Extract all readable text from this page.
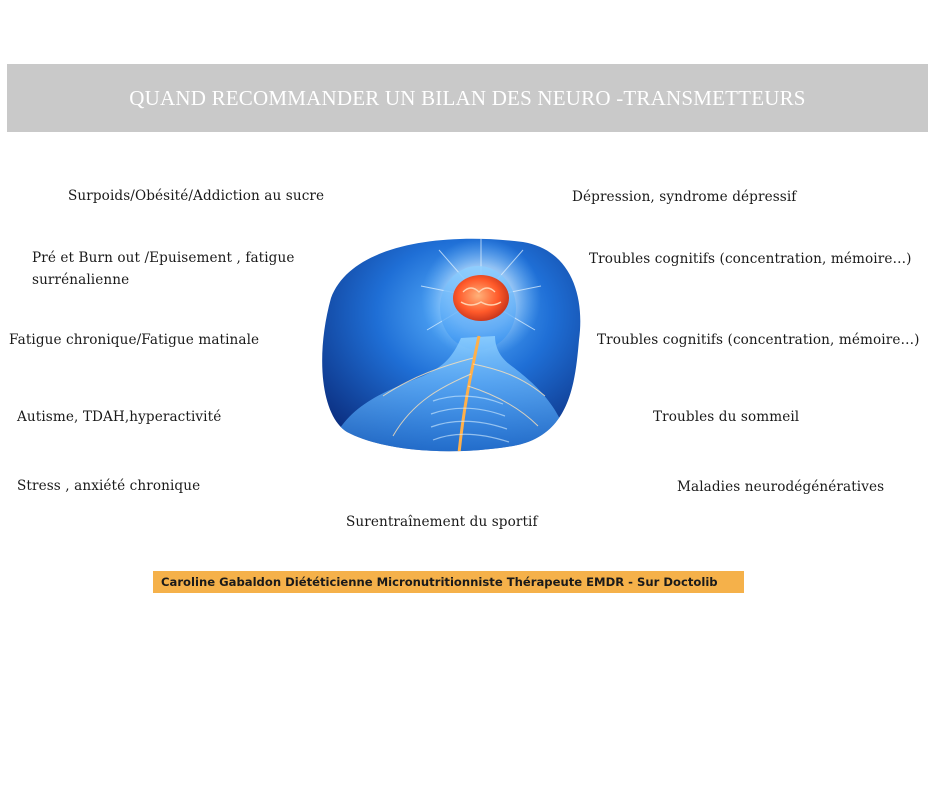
QUAND RECOMMANDER UN BILAN DES NEURO -TRANSMETTEURS
Surpoids/Obésité/Addiction au sucre
Pré et Burn out /Epuisement , fatigue surrénalienne
Fatigue chronique/Fatigue matinale
Autisme, TDAH,hyperactivité
Stress , anxiété chronique
Dépression, syndrome dépressif
Troubles cognitifs (concentration, mémoire…)
Troubles cognitifs (concentration, mémoire…)
Troubles du sommeil
Maladies neurodégénératives
Surentraînement du sportif
Caroline Gabaldon Diététicienne Micronutritionniste Thérapeute EMDR - Sur Doctolib
